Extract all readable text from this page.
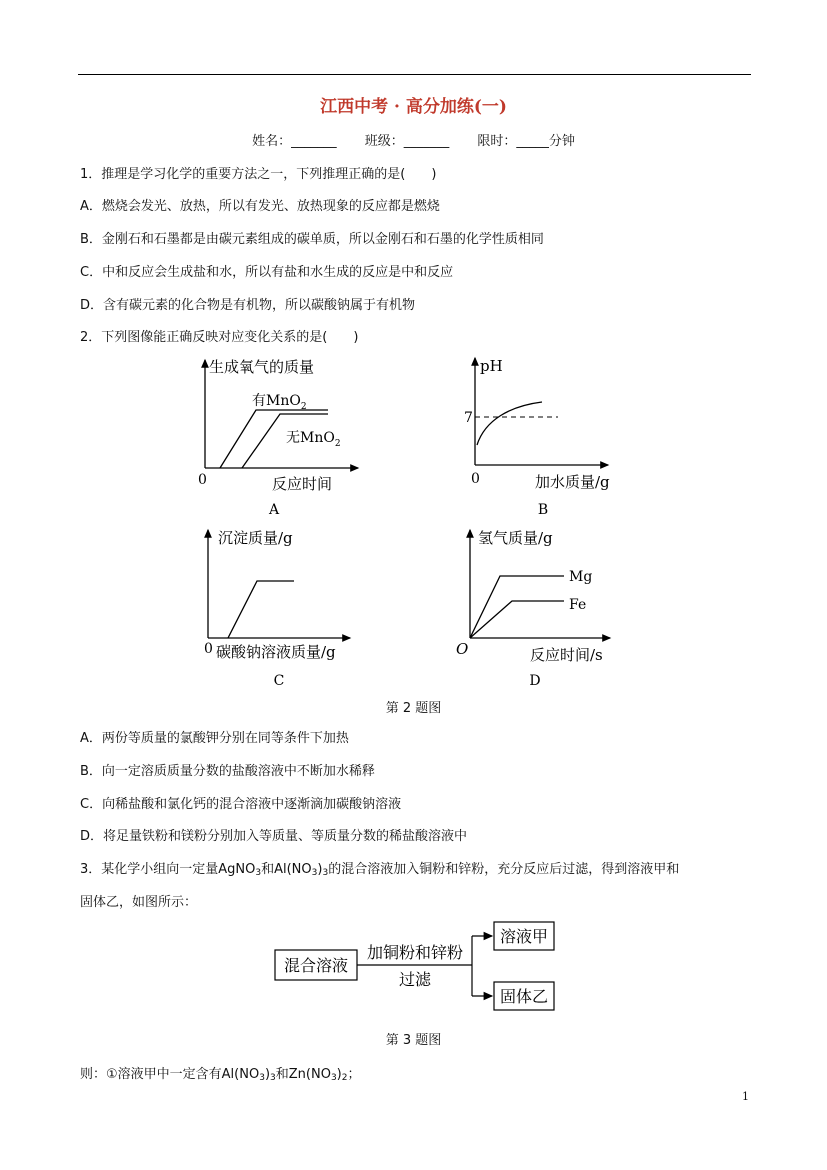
江西中考 · 高分加练(一)
姓名：_______ 班级：_______ 限时：_____分钟
1．推理是学习化学的重要方法之一，下列推理正确的是(　　)
A．燃烧会发光、放热，所以有发光、放热现象的反应都是燃烧
B．金刚石和石墨都是由碳元素组成的碳单质，所以金刚石和石墨的化学性质相同
C．中和反应会生成盐和水，所以有盐和水生成的反应是中和反应
D．含有碳元素的化合物是有机物，所以碳酸钠属于有机物
2．下列图像能正确反映对应变化关系的是(　　)
生成氧气的质量
反应时间
0
有MnO$_2$
无MnO$_2$
A
pH
加水质量/g
0
7
B
沉淀质量/g
碳酸钠溶液质量/g
0
C
氢气质量/g
反应时间/s
O
Mg
Fe
D
第 2 题图
A．两份等质量的氯酸钾分别在同等条件下加热
B．向一定溶质质量分数的盐酸溶液中不断加水稀释
C．向稀盐酸和氯化钙的混合溶液中逐渐滴加碳酸钠溶液
D．将足量铁粉和镁粉分别加入等质量、等质量分数的稀盐酸溶液中
3．某化学小组向一定量AgNO$_3$和$Al(NO_3)_3$的混合溶液加入铜粉和锌粉，充分反应后过滤，得到溶液甲和
固体乙，如图所示：
混合溶液
加铜粉和锌粉
过滤
溶液甲
固体乙
第 3 题图
则：①溶液甲中一定含有$Al(NO_3)_3$和$Zn(NO_3)_2$；
1
